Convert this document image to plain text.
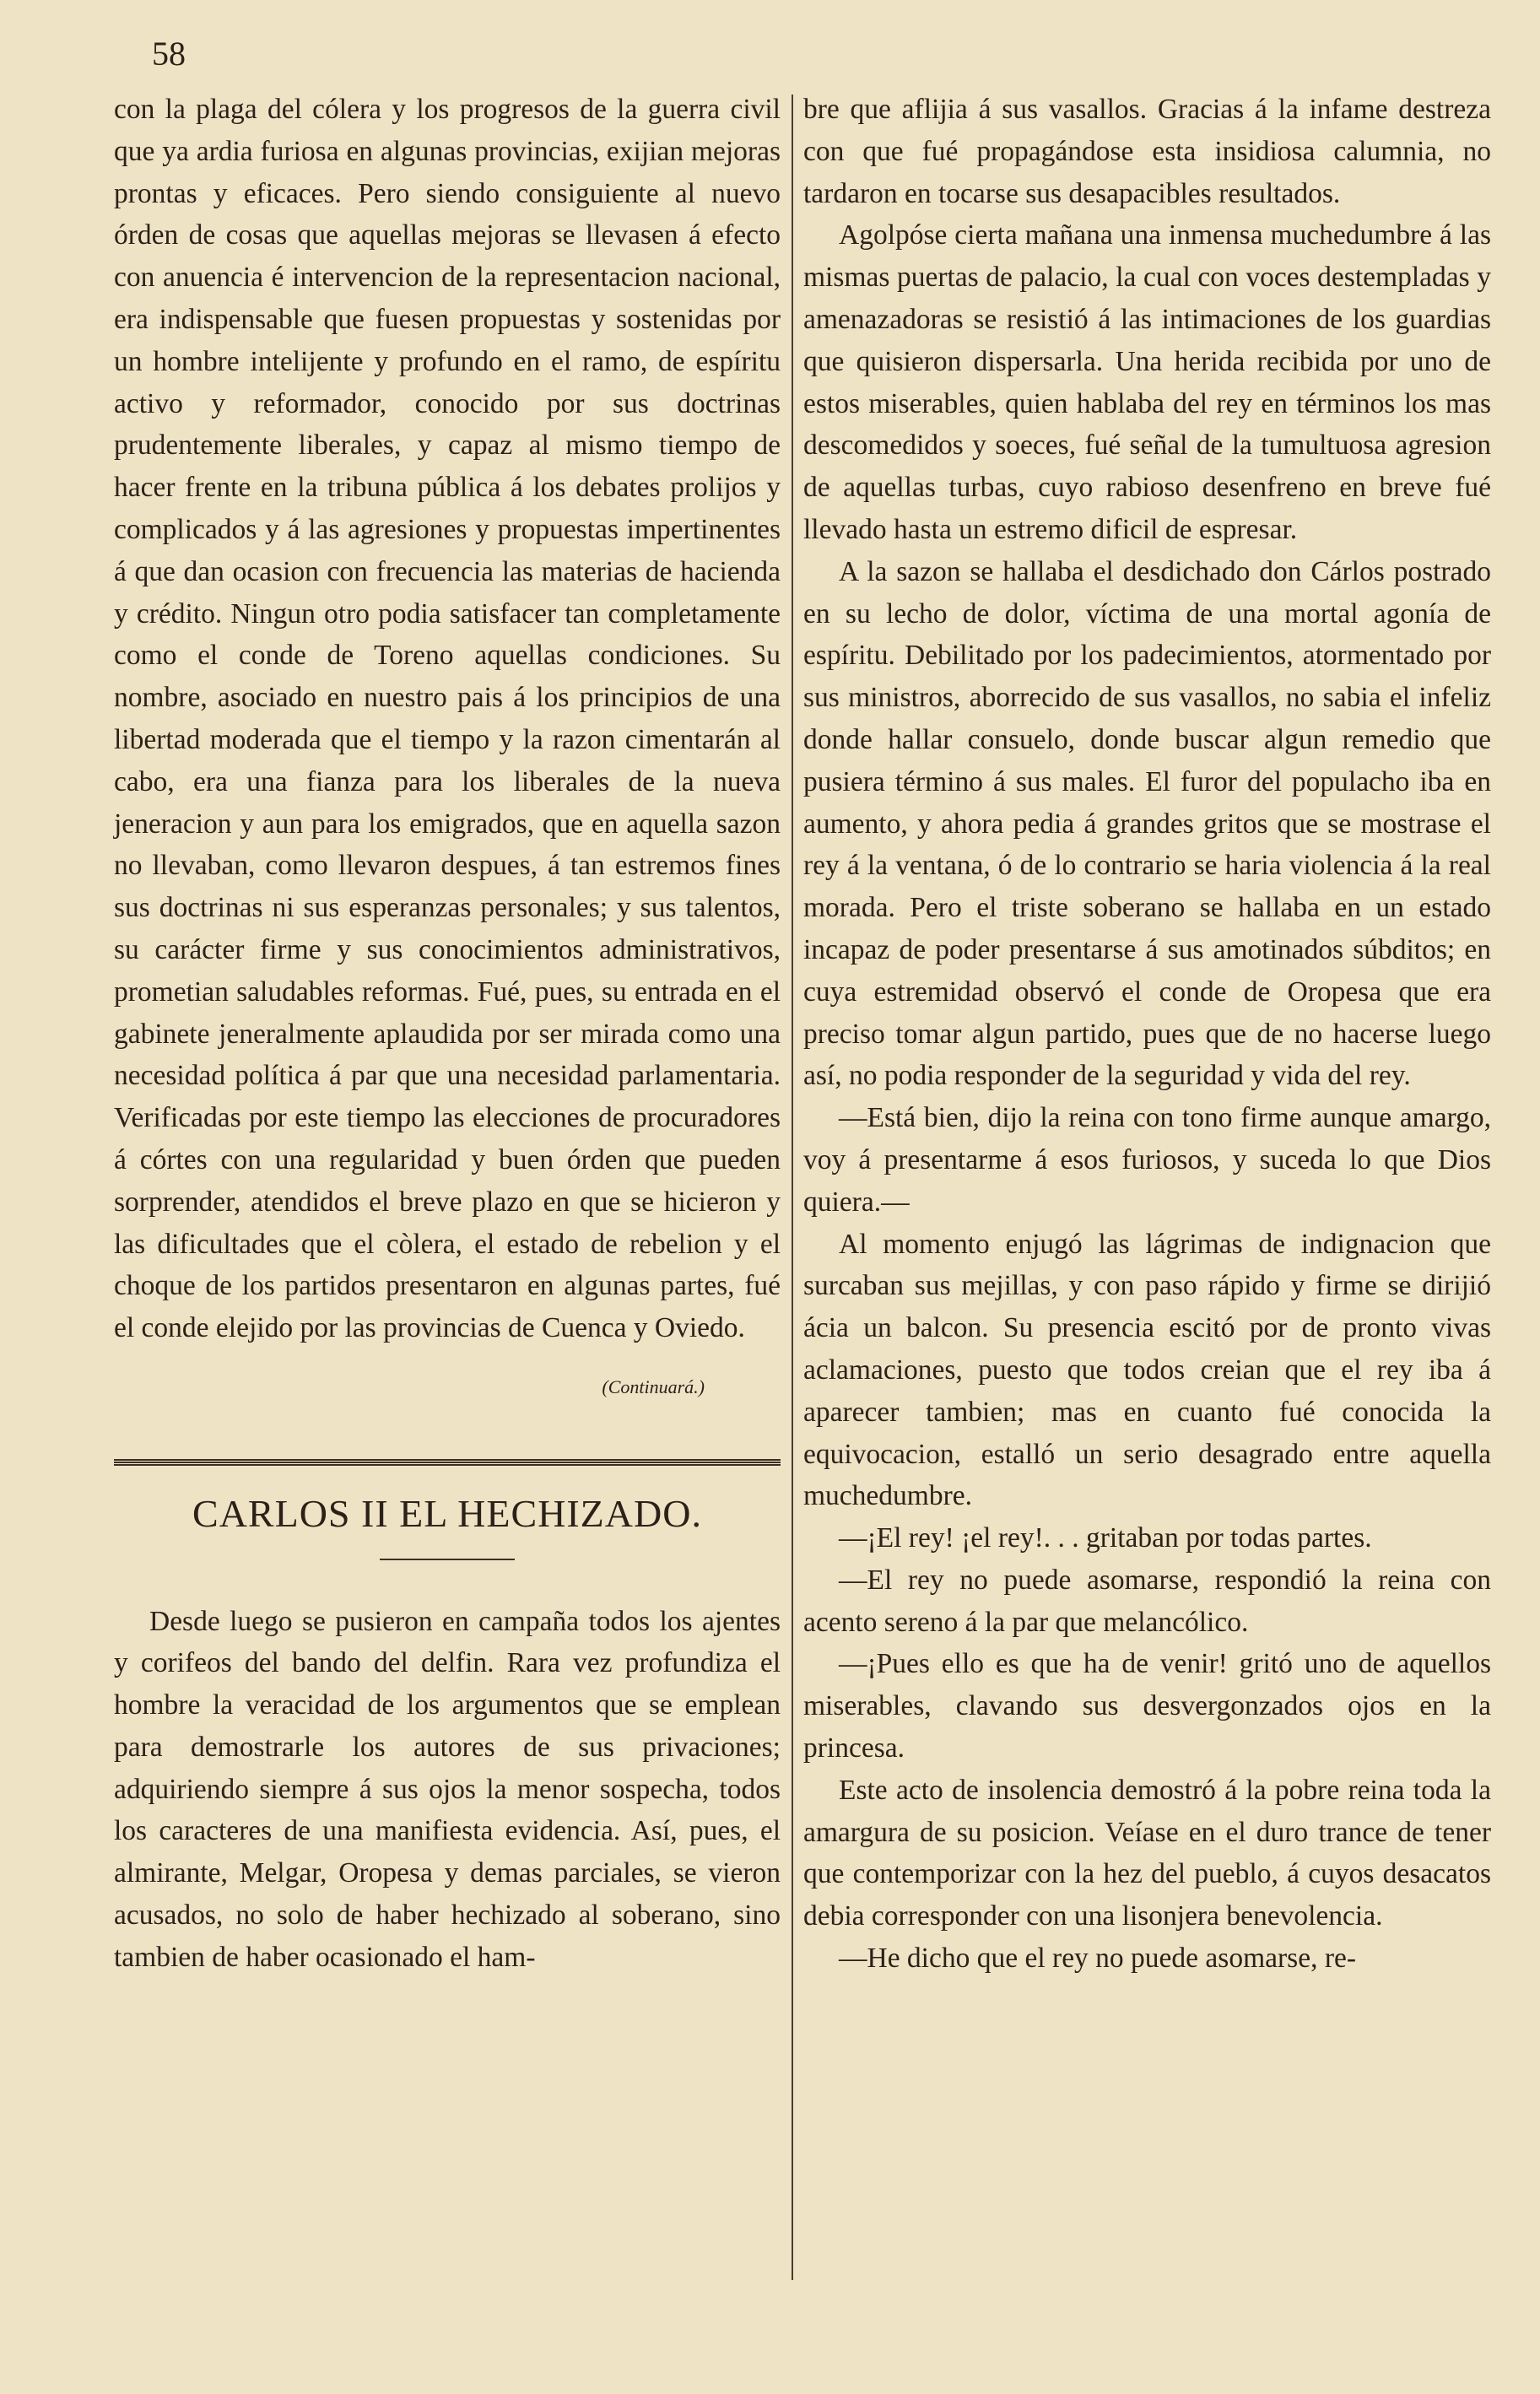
58

con la plaga del cólera y los progresos de la guerra civil que ya ardia furiosa en algunas provincias, exijian mejoras prontas y eficaces. Pero siendo consiguiente al nuevo órden de cosas que aquellas mejoras se llevasen á efecto con anuencia é intervencion de la representacion nacional, era indispensable que fuesen propuestas y sostenidas por un hombre intelijente y profundo en el ramo, de espíritu activo y reformador, conocido por sus doctrinas prudentemente liberales, y capaz al mismo tiempo de hacer frente en la tribuna pública á los debates prolijos y complicados y á las agresiones y propuestas impertinentes á que dan ocasion con frecuencia las materias de hacienda y crédito. Ningun otro podia satisfacer tan completamente como el conde de Toreno aquellas condiciones. Su nombre, asociado en nuestro pais á los principios de una libertad moderada que el tiempo y la razon cimentarán al cabo, era una fianza para los liberales de la nueva jeneracion y aun para los emigrados, que en aquella sazon no llevaban, como llevaron despues, á tan estremos fines sus doctrinas ni sus esperanzas personales; y sus talentos, su carácter firme y sus conocimientos administrativos, prometian saludables reformas. Fué, pues, su entrada en el gabinete jeneralmente aplaudida por ser mirada como una necesidad política á par que una necesidad parlamentaria. Verificadas por este tiempo las elecciones de procuradores á córtes con una regularidad y buen órden que pueden sorprender, atendidos el breve plazo en que se hicieron y las dificultades que el còlera, el estado de rebelion y el choque de los partidos presentaron en algunas partes, fué el conde elejido por las provincias de Cuenca y Oviedo.

(Continuará.)
CARLOS II EL HECHIZADO.

Desde luego se pusieron en campaña todos los ajentes y corifeos del bando del delfin. Rara vez profundiza el hombre la veracidad de los argumentos que se emplean para demostrarle los autores de sus privaciones; adquiriendo siempre á sus ojos la menor sospecha, todos los caracteres de una manifiesta evidencia. Así, pues, el almirante, Melgar, Oropesa y demas parciales, se vieron acusados, no solo de haber hechizado al soberano, sino tambien de haber ocasionado el ham-

bre que aflijia á sus vasallos. Gracias á la infame destreza con que fué propagándose esta insidiosa calumnia, no tardaron en tocarse sus desapacibles resultados.

Agolpóse cierta mañana una inmensa muchedumbre á las mismas puertas de palacio, la cual con voces destempladas y amenazadoras se resistió á las intimaciones de los guardias que quisieron dispersarla. Una herida recibida por uno de estos miserables, quien hablaba del rey en términos los mas descomedidos y soeces, fué señal de la tumultuosa agresion de aquellas turbas, cuyo rabioso desenfreno en breve fué llevado hasta un estremo dificil de espresar.

A la sazon se hallaba el desdichado don Cárlos postrado en su lecho de dolor, víctima de una mortal agonía de espíritu. Debilitado por los padecimientos, atormentado por sus ministros, aborrecido de sus vasallos, no sabia el infeliz donde hallar consuelo, donde buscar algun remedio que pusiera término á sus males. El furor del populacho iba en aumento, y ahora pedia á grandes gritos que se mostrase el rey á la ventana, ó de lo contrario se haria violencia á la real morada. Pero el triste soberano se hallaba en un estado incapaz de poder presentarse á sus amotinados súbditos; en cuya estremidad observó el conde de Oropesa que era preciso tomar algun partido, pues que de no hacerse luego así, no podia responder de la seguridad y vida del rey.

—Está bien, dijo la reina con tono firme aunque amargo, voy á presentarme á esos furiosos, y suceda lo que Dios quiera.—

Al momento enjugó las lágrimas de indignacion que surcaban sus mejillas, y con paso rápido y firme se dirijió ácia un balcon. Su presencia escitó por de pronto vivas aclamaciones, puesto que todos creian que el rey iba á aparecer tambien; mas en cuanto fué conocida la equivocacion, estalló un serio desagrado entre aquella muchedumbre.

—¡El rey! ¡el rey!. . . gritaban por todas partes.

—El rey no puede asomarse, respondió la reina con acento sereno á la par que melancólico.

—¡Pues ello es que ha de venir! gritó uno de aquellos miserables, clavando sus desvergonzados ojos en la princesa.

Este acto de insolencia demostró á la pobre reina toda la amargura de su posicion. Veíase en el duro trance de tener que contemporizar con la hez del pueblo, á cuyos desacatos debia corresponder con una lisonjera benevolencia.

—He dicho que el rey no puede asomarse, re-
